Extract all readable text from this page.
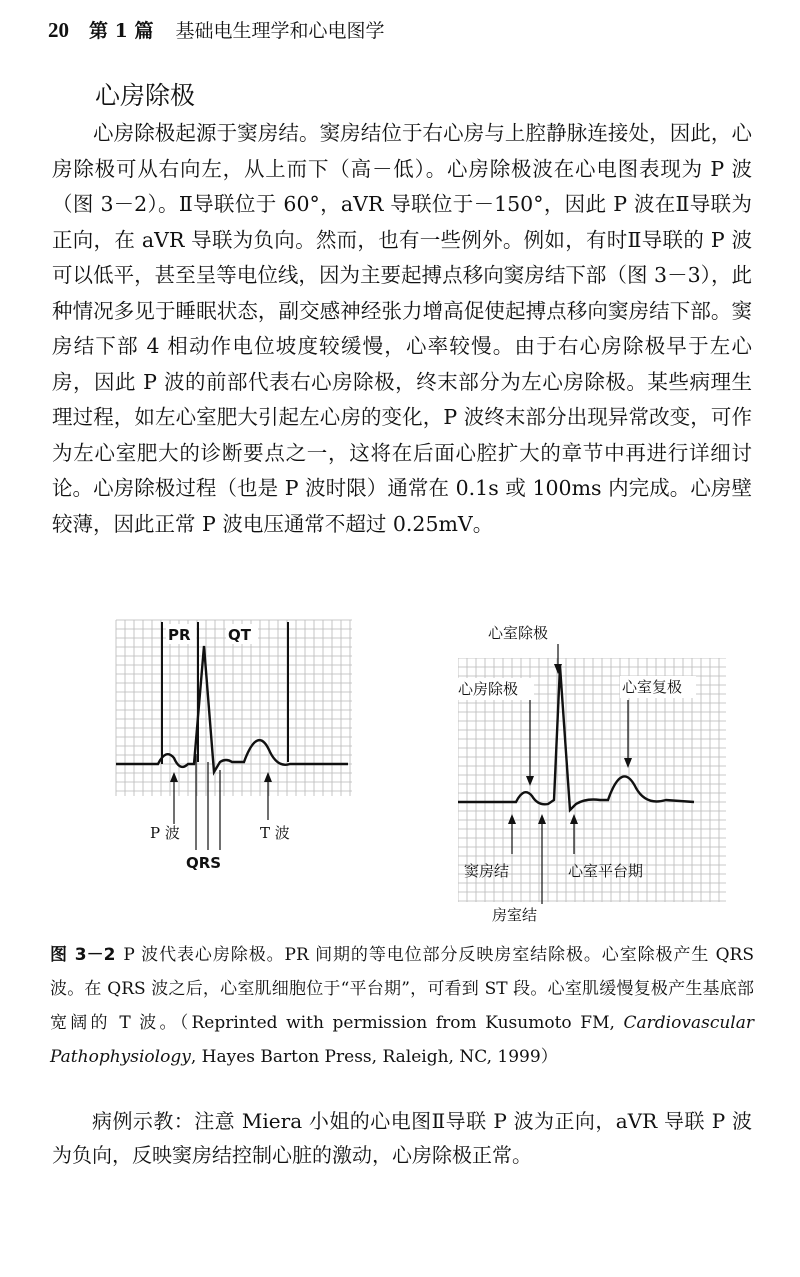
20 第 1 篇 基础电生理学和心电图学
心房除极

心房除极起源于窦房结。窦房结位于右心房与上腔静脉连接处，因此，心房除极可从右向左，从上而下（高－低）。心房除极波在心电图表现为 P 波（图 3－2）。Ⅱ导联位于 60°，aVR 导联位于－150°，因此 P 波在Ⅱ导联为正向，在 aVR 导联为负向。然而，也有一些例外。例如，有时Ⅱ导联的 P 波可以低平，甚至呈等电位线，因为主要起搏点移向窦房结下部（图 3－3），此种情况多见于睡眠状态，副交感神经张力增高促使起搏点移向窦房结下部。窦房结下部 4 相动作电位坡度较缓慢，心率较慢。由于右心房除极早于左心房，因此 P 波的前部代表右心房除极，终末部分为左心房除极。某些病理生理过程，如左心室肥大引起左心房的变化，P 波终末部分出现异常改变，可作为左心室肥大的诊断要点之一，这将在后面心腔扩大的章节中再进行详细讨论。心房除极过程（也是 P 波时限）通常在 0.1s 或 100ms 内完成。心房壁较薄，因此正常 P 波电压通常不超过 0.25mV。

PR QT
P 波	T 波
QRS
心室除极
心房除极	心室复极
窦房结	心室平台期
房室结
图 3－2 P 波代表心房除极。PR 间期的等电位部分反映房室结除极。心室除极产生 QRS 波。在 QRS 波之后，心室肌细胞位于“平台期”，可看到 ST 段。心室肌缓慢复极产生基底部宽阔的 T 波。（Reprinted with permission from Kusumoto FM, Cardiovascular Pathophysiology, Hayes Barton Press, Raleigh, NC, 1999）

病例示教：注意 Miera 小姐的心电图Ⅱ导联 P 波为正向，aVR 导联 P 波为负向，反映窦房结控制心脏的激动，心房除极正常。
